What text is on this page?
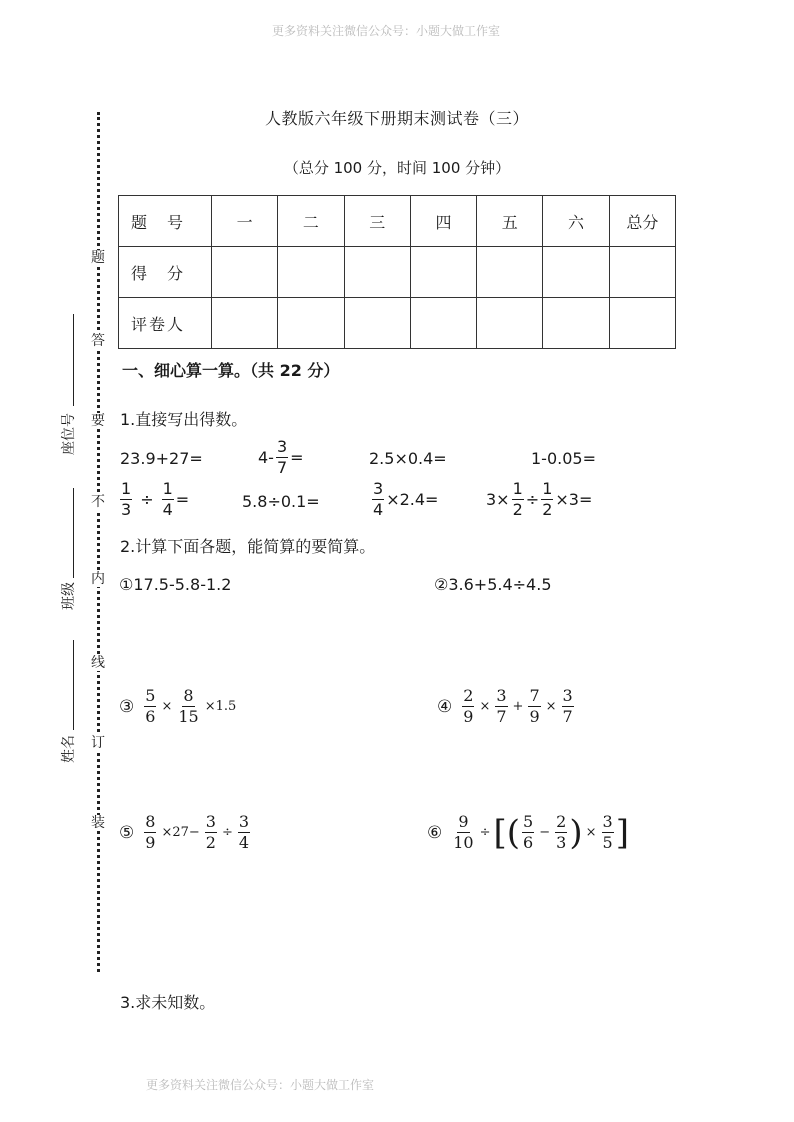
更多资料关注微信公众号：小题大做工作室
更多资料关注微信公众号：小题大做工作室
题
答
要
不
内
线
订
装
座位号
班级
姓名
人教版六年级下册期末测试卷（三）
（总分 100 分，时间 100 分钟）
题　号	一	二	三	四	五	六	总分
得　分							
评卷人							
一、细心算一算。（共 22 分）
1.直接写出得数。
23.9+27=	$4- \frac{3}{7}$ =	2.5×0.4=	1-0.05=
$\frac{1}{3} \div \frac{1}{4}$ =	5.8÷0.1=	$\frac{3}{4} \times 2.4=$	$3\times \frac{1}{2} \div \frac{1}{2} \times 3=$
2.计算下面各题，能简算的要简算。
①17.5-5.8-1.2	②3.6+5.4÷4.5
③ $\frac{5}{6} \times \frac{8}{15} \times 1.5$	④ $\frac{2}{9} \times \frac{3}{7} + \frac{7}{9} \times \frac{3}{7}$
⑤ $\frac{8}{9} \times 27- \frac{3}{2} \div \frac{3}{4}$	⑥ $\frac{9}{10}$ ÷ [( $\frac{5}{6} - \frac{2}{3}$ ) × $\frac{3}{5}$ ]
3.求未知数。
